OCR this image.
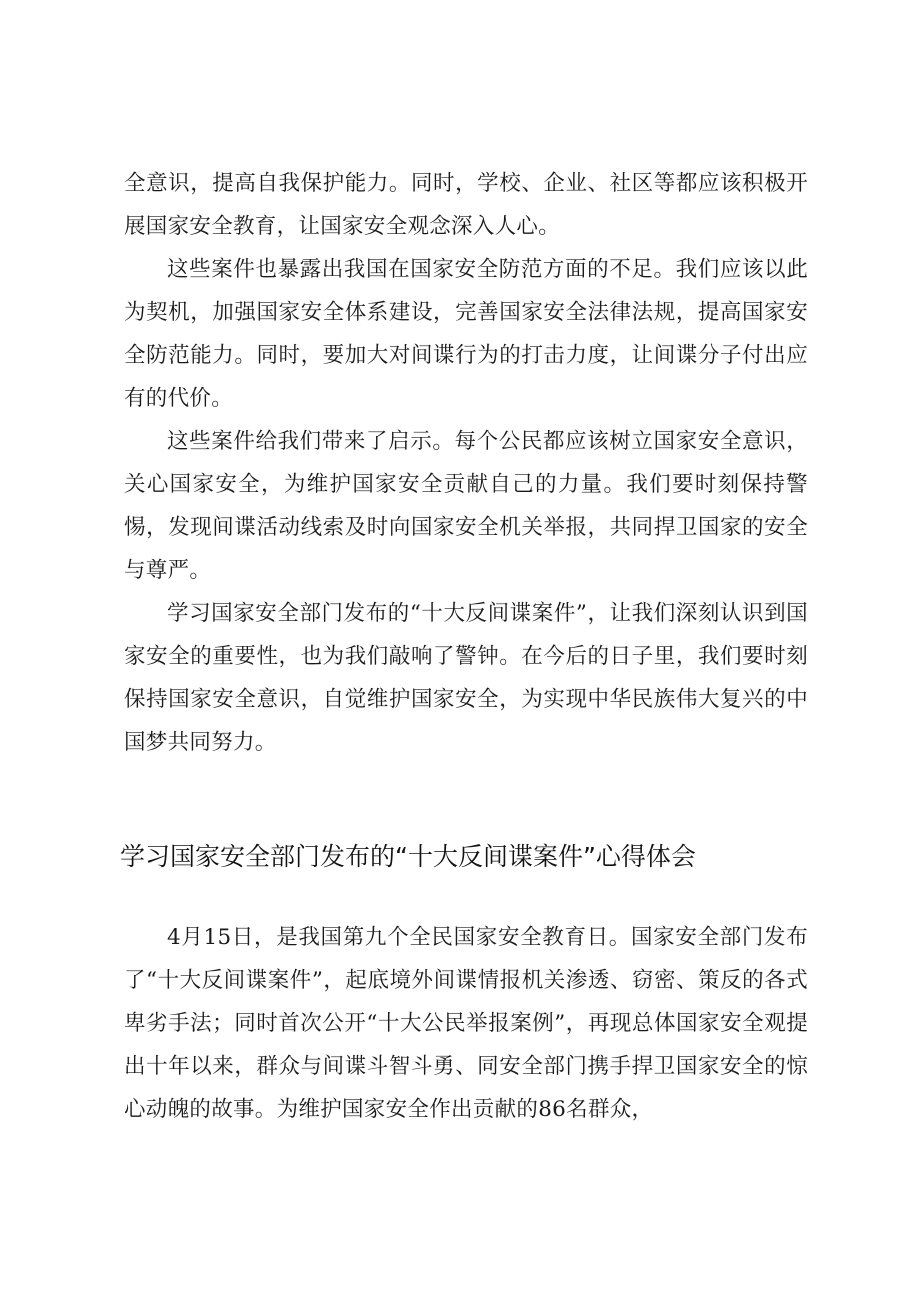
全意识，提高自我保护能力。同时，学校、企业、社区等都应该积极开展国家安全教育，让国家安全观念深入人心。

这些案件也暴露出我国在国家安全防范方面的不足。我们应该以此为契机，加强国家安全体系建设，完善国家安全法律法规，提高国家安全防范能力。同时，要加大对间谍行为的打击力度，让间谍分子付出应有的代价。

这些案件给我们带来了启示。每个公民都应该树立国家安全意识，关心国家安全，为维护国家安全贡献自己的力量。我们要时刻保持警惕，发现间谍活动线索及时向国家安全机关举报，共同捍卫国家的安全与尊严。

学习国家安全部门发布的“十大反间谍案件”，让我们深刻认识到国家安全的重要性，也为我们敲响了警钟。在今后的日子里，我们要时刻保持国家安全意识，自觉维护国家安全，为实现中华民族伟大复兴的中国梦共同努力。

学习国家安全部门发布的“十大反间谍案件”心得体会

4月15日，是我国第九个全民国家安全教育日。国家安全部门发布了“十大反间谍案件”，起底境外间谍情报机关渗透、窃密、策反的各式卑劣手法；同时首次公开“十大公民举报案例”，再现总体国家安全观提出十年以来，群众与间谍斗智斗勇、同安全部门携手捍卫国家安全的惊心动魄的故事。为维护国家安全作出贡献的86名群众，
